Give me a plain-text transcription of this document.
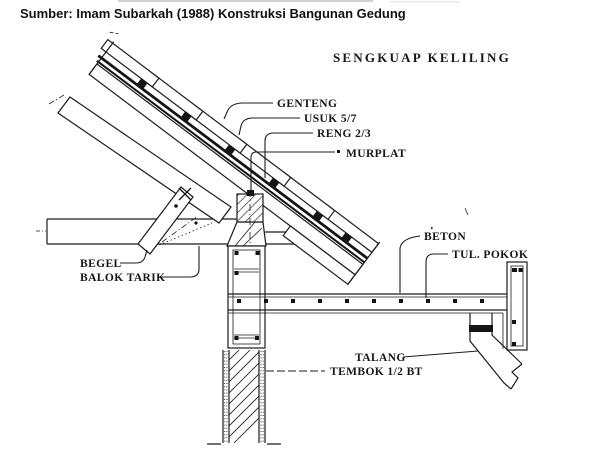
Sumber: Imam Subarkah (1988) Konstruksi Bangunan Gedung
SENGKUAP KELILING
GENTENG
USUK 5/7
RENG 2/3
MURPLAT
BEGEL
BALOK TARIK
BETON
TUL. POKOK
TALANG
TEMBOK 1/2 BT
